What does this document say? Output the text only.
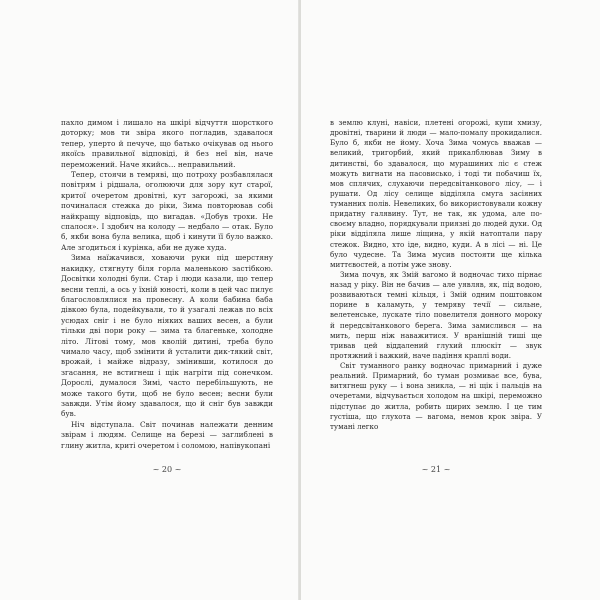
пахло димом і лишало на шкірі відчуття шорсткого доторку; мов ти звіра якого погладив, здавалося тепер, уперто й печуче, що батько очікував од нього якоїсь правильної відповіді, й без неї він, наче переможений. Наче якийсь... неправильний.

Тепер, стоячи в темряві, що потроху розбавлялася повітрям і рідшала, оголюючи для зору кут старої, критої очеретом дровітні, кут загорожі, за якими починалася стежка до ріки, Зима повторював собі найкращу відповідь, що вигадав. «Добув трохи. Не спалося». І здобич на колоду — недбало — отак. Було б, якби вона була велика, щоб і кинути її було важко. Але згодиться і курінка, аби не дуже худа.

Зима наїжачився, ховаючи руки під шерстяну накидку, стягнуту біля горла маленькою застібкою. Досвітки холодні були. Стар і люди казали, що тепер весни теплі, а ось у їхній юності, коли в цей час пилує благословлялися на провесну. А коли бабина баба дівкою була, подейкували, то й узагалі лежав по всіх усюдах сніг і не було ніяких ваших весен, а були тільки дві пори року — зима та благеньке, холодне літо. Літові тому, мов кволій дитині, треба було чимало часу, щоб змінити й усталити дик-тякий світ, врожай, і майже відразу, змінивши, котилося до згасання, не встигнеш і щік нагріти під сонечком. Дорослі, думалося Зимі, часто перебільшують, не може такого бути, щоб не було весен; весни були завжди. Утім йому здавалося, що й сніг був завжди був.

Ніч відступала. Світ починав належати денним звірам і людям. Селище на березі — заглиблені в глину житла, криті очеретом і соломою, напівукопані

~ 20 ~

в землю клуні, навіси, плетені огорожі, купи хмизу, дровітні, тварини й люди — мало-помалу прокидалися. Було б, якби не йому. Хоча Зима чомусь вважав — великий, тригорбий, який прикалблював Зиму в дитинстві, бо здавалося, що мурашиних ліс є стеж можуть вигнати на пасовиськo, і тоді ти побачиш їх, мов сплячих, слухаючи передсвітанкового лісу, — і рушати. Од лісу селище відділяла смуга засіяних туманних полів. Невеликих, бо використовували кожну придатну галявину. Тут, не так, як удома, але по-своєму владно, порядкували приязні до людей духи. Од ріки відділяла лише ліщина, у якій натоптали пару стежок. Видно, хто іде, видно, куди. А в лісі — ні. Це було чудесне. Та Зима мусив постояти ще кілька миттєвостей, а потім уже знову.

Зима почув, як Змій вагомо й водночас тихо пірнає назад у ріку. Він не бачив — але уявляв, як, під водою, розвиваються темні кільця, і Змій одним поштовком порине в каламуть, у темряву течії — сильне, велетенське, лускате тіло повелителя донного мороку й передсвітанкового берега. Зима замислився — на мить, перш ніж наважитися. У вранішній тиші ще тривав цей віддалений глухий плюскіт — звук протяжний і важкий, наче падіння краплі води.

Світ туманного ранку водночас примарний і дуже реальний. Примарний, бо туман розмиває все, бува, витягнеш руку — і вона зникла, — ні щік і пальців на очеретами, відчувається холодом на шкірі, переможно підступає до житла, робить щирих землю. І це тим густіша, що глухота — вагома, немов крок звіра. У тумані легко

~ 21 ~
